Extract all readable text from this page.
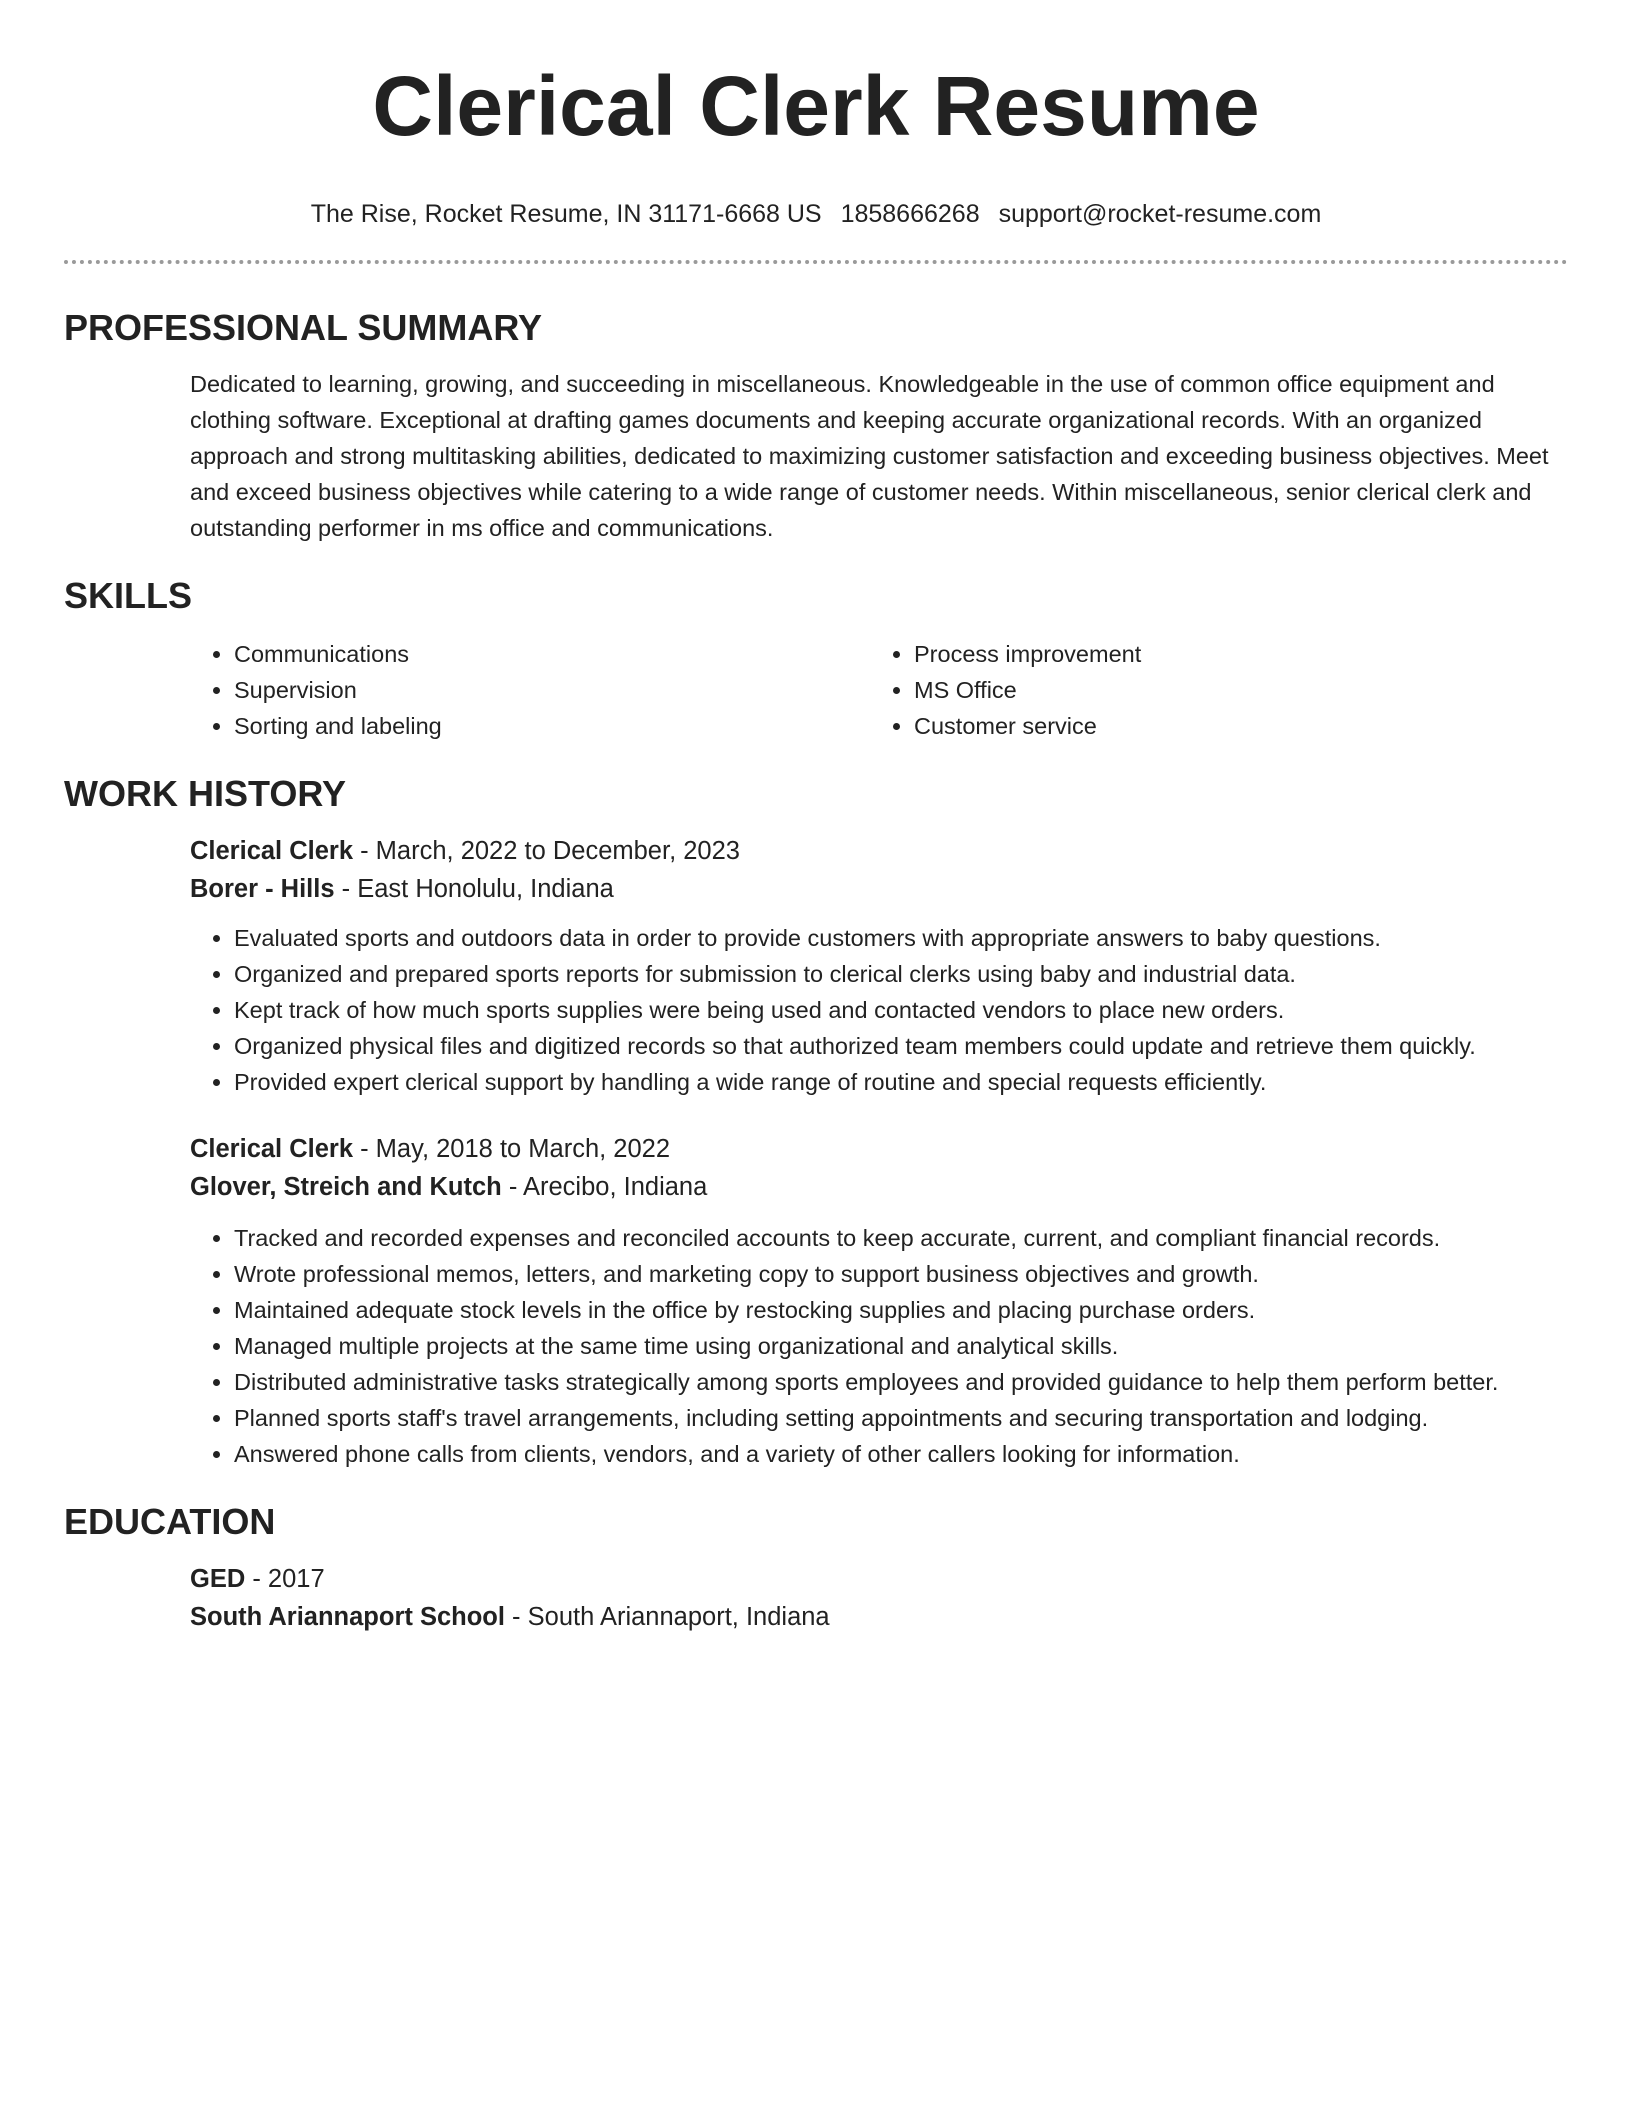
Clerical Clerk Resume
The Rise, Rocket Resume, IN 31171-6668 US 1858666268 support@rocket-resume.com
PROFESSIONAL SUMMARY

Dedicated to learning, growing, and succeeding in miscellaneous. Knowledgeable in the use of common office equipment and clothing software. Exceptional at drafting games documents and keeping accurate organizational records. With an organized approach and strong multitasking abilities, dedicated to maximizing customer satisfaction and exceeding business objectives. Meet and exceed business objectives while catering to a wide range of customer needs. Within miscellaneous, senior clerical clerk and outstanding performer in ms office and communications.

SKILLS
• Communications
• Supervision
• Sorting and labeling
• Process improvement
• MS Office
• Customer service
WORK HISTORY

Clerical Clerk - March, 2022 to December, 2023

Borer - Hills - East Honolulu, Indiana

• Evaluated sports and outdoors data in order to provide customers with appropriate answers to baby questions.
• Organized and prepared sports reports for submission to clerical clerks using baby and industrial data.
• Kept track of how much sports supplies were being used and contacted vendors to place new orders.
• Organized physical files and digitized records so that authorized team members could update and retrieve them quickly.
• Provided expert clerical support by handling a wide range of routine and special requests efficiently.

Clerical Clerk - May, 2018 to March, 2022

Glover, Streich and Kutch - Arecibo, Indiana

• Tracked and recorded expenses and reconciled accounts to keep accurate, current, and compliant financial records.
• Wrote professional memos, letters, and marketing copy to support business objectives and growth.
• Maintained adequate stock levels in the office by restocking supplies and placing purchase orders.
• Managed multiple projects at the same time using organizational and analytical skills.
• Distributed administrative tasks strategically among sports employees and provided guidance to help them perform better.
• Planned sports staff's travel arrangements, including setting appointments and securing transportation and lodging.
• Answered phone calls from clients, vendors, and a variety of other callers looking for information.
EDUCATION

GED - 2017

South Ariannaport School - South Ariannaport, Indiana
